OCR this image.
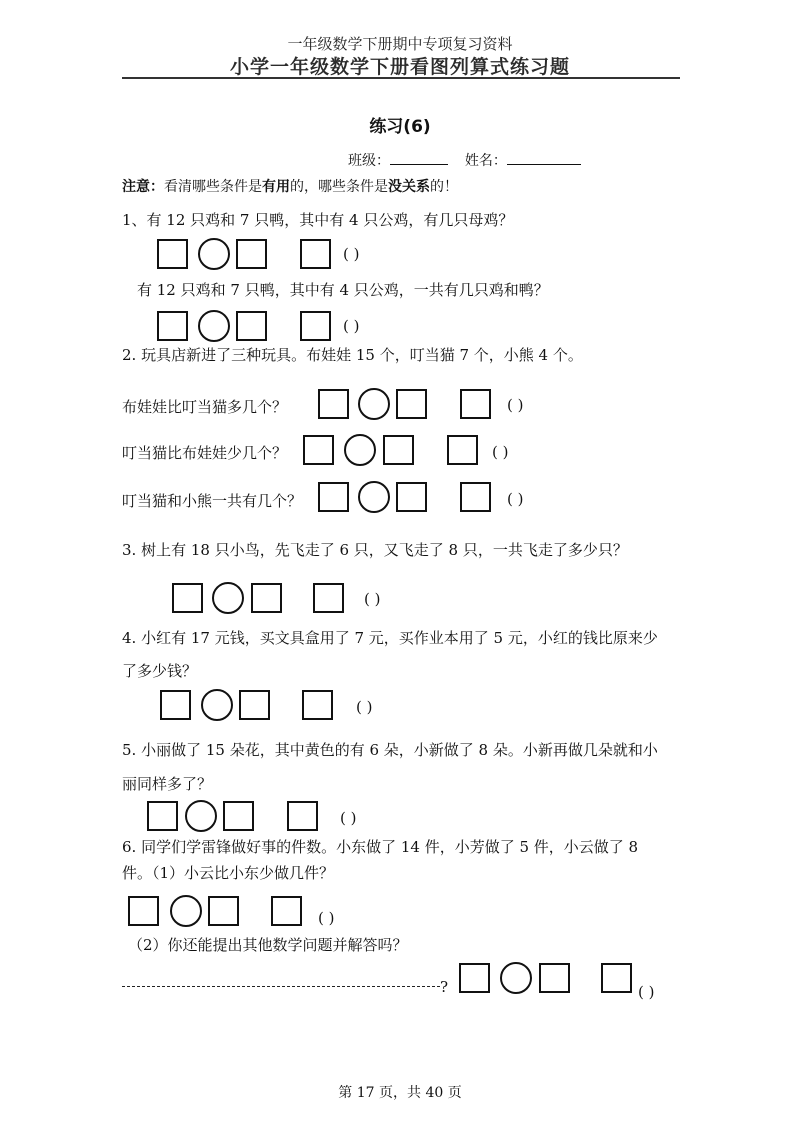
一年级数学下册期中专项复习资料
小学一年级数学下册看图列算式练习题
练习(6)
班级：	姓名：
注意：看清哪些条件是有用的，哪些条件是没关系的！
1、有 12 只鸡和 7 只鸭，其中有 4 只公鸡，有几只母鸡？
( )
有 12 只鸡和 7 只鸭，其中有 4 只公鸡，一共有几只鸡和鸭？
( )
2. 玩具店新进了三种玩具。布娃娃 15 个，叮当猫 7 个，小熊 4 个。
布娃娃比叮当猫多几个？	( )
叮当猫比布娃娃少几个？	( )
叮当猫和小熊一共有几个？	( )
3. 树上有 18 只小鸟，先飞走了 6 只，又飞走了 8 只，一共飞走了多少只？
( )
4. 小红有 17 元钱，买文具盒用了 7 元，买作业本用了 5 元，小红的钱比原来少
了多少钱？
( )
5. 小丽做了 15 朵花，其中黄色的有 6 朵，小新做了 8 朵。小新再做几朵就和小
丽同样多了？
( )
6. 同学们学雷锋做好事的件数。小东做了 14 件，小芳做了 5 件，小云做了 8
件。（1）小云比小东少做几件？
( )
（2）你还能提出其他数学问题并解答吗？
?	( )
第 17 页，共 40 页
